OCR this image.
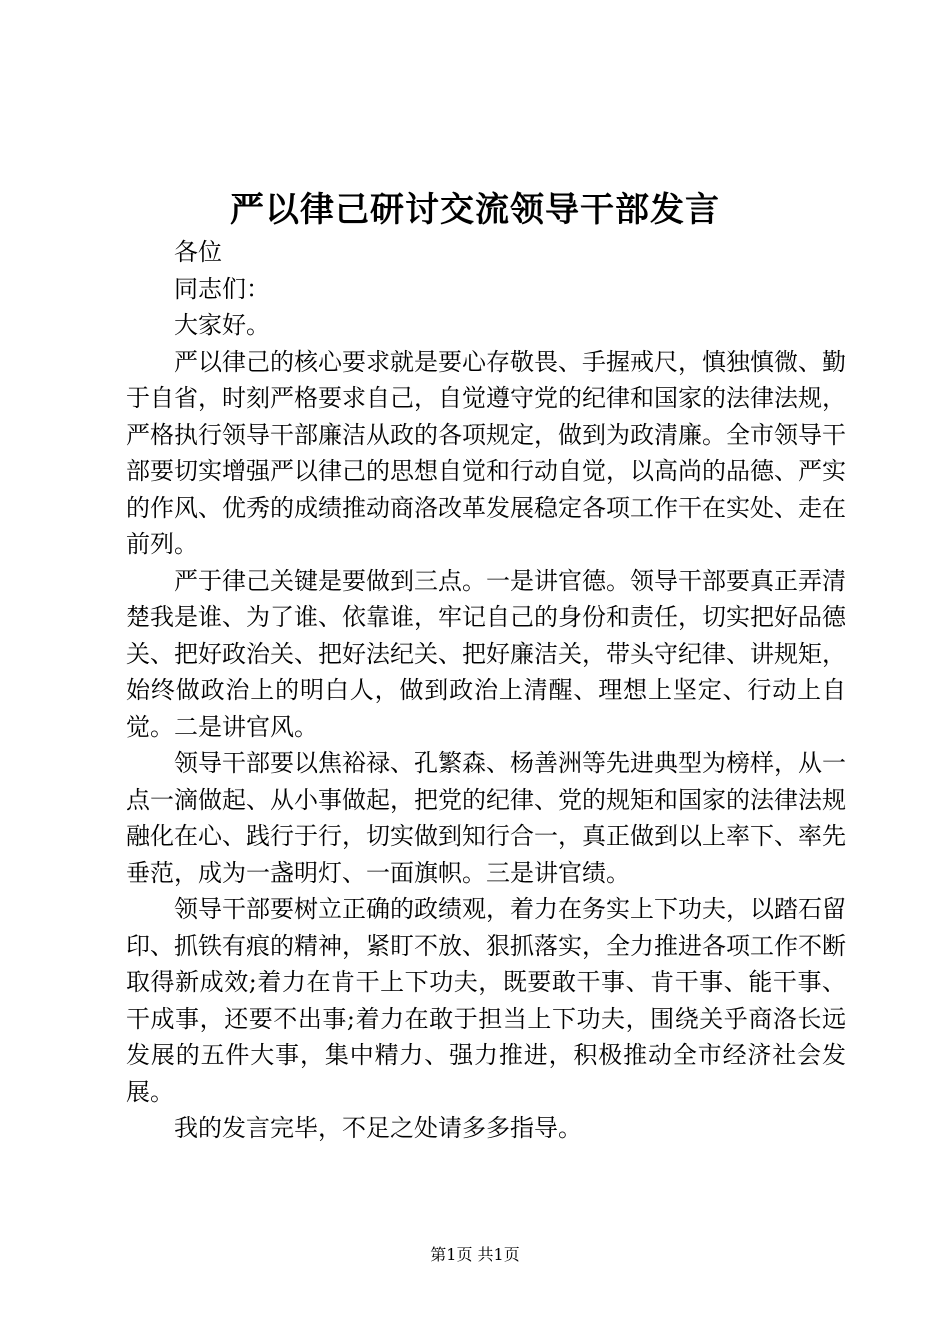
严以律己研讨交流领导干部发言

各位

同志们：

大家好。

严以律己的核心要求就是要心存敬畏、手握戒尺，慎独慎微、勤于自省，时刻严格要求自己，自觉遵守党的纪律和国家的法律法规，严格执行领导干部廉洁从政的各项规定，做到为政清廉。全市领导干部要切实增强严以律己的思想自觉和行动自觉，以高尚的品德、严实的作风、优秀的成绩推动商洛改革发展稳定各项工作干在实处、走在前列。

严于律己关键是要做到三点。一是讲官德。领导干部要真正弄清楚我是谁、为了谁、依靠谁，牢记自己的身份和责任，切实把好品德关、把好政治关、把好法纪关、把好廉洁关，带头守纪律、讲规矩，始终做政治上的明白人，做到政治上清醒、理想上坚定、行动上自觉。二是讲官风。

领导干部要以焦裕禄、孔繁森、杨善洲等先进典型为榜样，从一点一滴做起、从小事做起，把党的纪律、党的规矩和国家的法律法规融化在心、践行于行，切实做到知行合一，真正做到以上率下、率先垂范，成为一盏明灯、一面旗帜。三是讲官绩。

领导干部要树立正确的政绩观，着力在务实上下功夫，以踏石留印、抓铁有痕的精神，紧盯不放、狠抓落实，全力推进各项工作不断取得新成效;着力在肯干上下功夫，既要敢干事、肯干事、能干事、干成事，还要不出事;着力在敢于担当上下功夫，围绕关乎商洛长远发展的五件大事，集中精力、强力推进，积极推动全市经济社会发展。

我的发言完毕，不足之处请多多指导。

第1页 共1页
